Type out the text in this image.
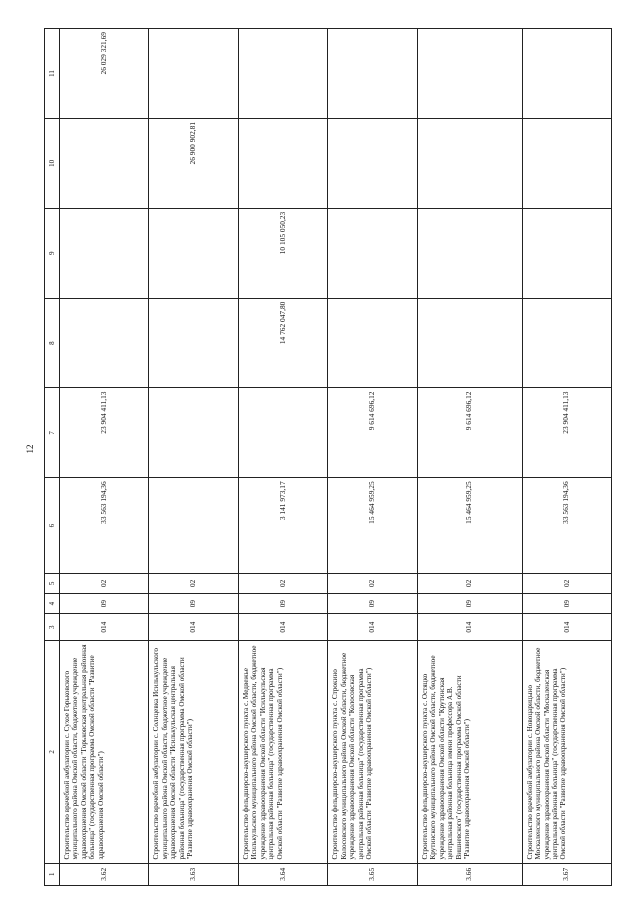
12
1	2	3	4	5	6	7	8	9	10	11
3.62	Строительство врачебной амбулатории с. Сухое Горьковского муниципального района Омской области, бюджетное учреждение здравоохранения Омской области "Горьковская центральная районная больница" (государственная программа Омской области "Развитие здравоохранения Омской области")	014	09	02	33 563 194,36	23 904 411,13				26 029 321,69
3.63	Строительство врачебной амбулатории с. Солнцевка Исилькульского муниципального района Омской области, бюджетное учреждение здравоохранения Омской области "Исилькульская центральная районная больница" (государственная программа Омской области "Развитие здравоохранения Омской области")	014	09	02					26 900 902,81	
3.64	Строительство фельдшерско-акушерского пункта с. Медвежье Исилькульского муниципального района Омской области, бюджетное учреждение здравоохранения Омской области "Исилькульская центральная районная больница" (государственная программа Омской области "Развитие здравоохранения Омской области")	014	09	02	3 141 973,17		14 762 047,80	10 105 050,23		
3.65	Строительство фельдшерско-акушерского пункта с. Строкино Колосовского муниципального района Омской области, бюджетное учреждение здравоохранения Омской области "Колосовская центральная районная больница" (государственная программа Омской области "Развитие здравоохранения Омской области")	014	09	02	15 464 959,25	9 614 696,12				
3.66	Строительство фельдшерско-акушерского пункта с. Остяцко Крутинского муниципального района Омской области, бюджетное учреждение здравоохранения Омской области "Крутинская центральная районная больница имени профессора А.В. Вишневского" (государственная программа Омской области "Развитие здравоохранения Омской области")	014	09	02	15 464 959,25	9 614 696,12				
3.67	Строительство врачебной амбулатории с. Новоцарицыно Москаленского муниципального района Омской области, бюджетное учреждение здравоохранения Омской области "Москаленская центральная районная больница" (государственная программа Омской области "Развитие здравоохранения Омской области")	014	09	02	33 563 194,36	23 904 411,13				
